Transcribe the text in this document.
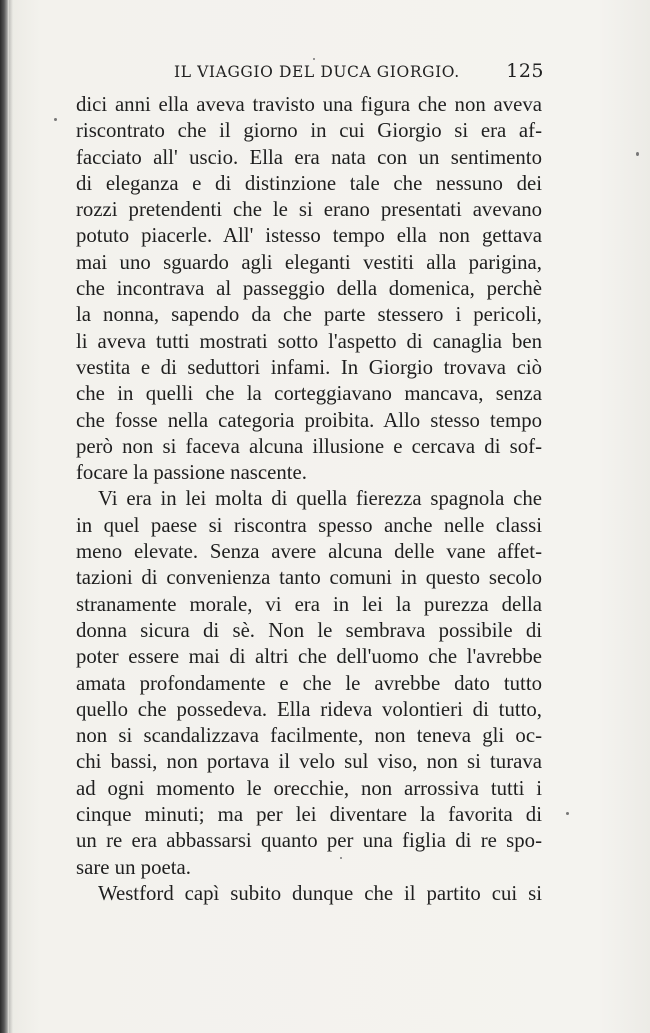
IL VIAGGIO DEL DUCA GIORGIO. 125
dici anni ella aveva travisto una figura che non aveva
riscontrato che il giorno in cui Giorgio si era af-
facciato all' uscio. Ella era nata con un sentimento
di eleganza e di distinzione tale che nessuno dei
rozzi pretendenti che le si erano presentati avevano
potuto piacerle. All' istesso tempo ella non gettava
mai uno sguardo agli eleganti vestiti alla parigina,
che incontrava al passeggio della domenica, perchè
la nonna, sapendo da che parte stessero i pericoli,
li aveva tutti mostrati sotto l'aspetto di canaglia ben
vestita e di seduttori infami. In Giorgio trovava ciò
che in quelli che la corteggiavano mancava, senza
che fosse nella categoria proibita. Allo stesso tempo
però non si faceva alcuna illusione e cercava di sof-
focare la passione nascente.
Vi era in lei molta di quella fierezza spagnola che
in quel paese si riscontra spesso anche nelle classi
meno elevate. Senza avere alcuna delle vane affet-
tazioni di convenienza tanto comuni in questo secolo
stranamente morale, vi era in lei la purezza della
donna sicura di sè. Non le sembrava possibile di
poter essere mai di altri che dell'uomo che l'avrebbe
amata profondamente e che le avrebbe dato tutto
quello che possedeva. Ella rideva volontieri di tutto,
non si scandalizzava facilmente, non teneva gli oc-
chi bassi, non portava il velo sul viso, non si turava
ad ogni momento le orecchie, non arrossiva tutti i
cinque minuti; ma per lei diventare la favorita di
un re era abbassarsi quanto per una figlia di re spo-
sare un poeta.
Westford capì subito dunque che il partito cui si
